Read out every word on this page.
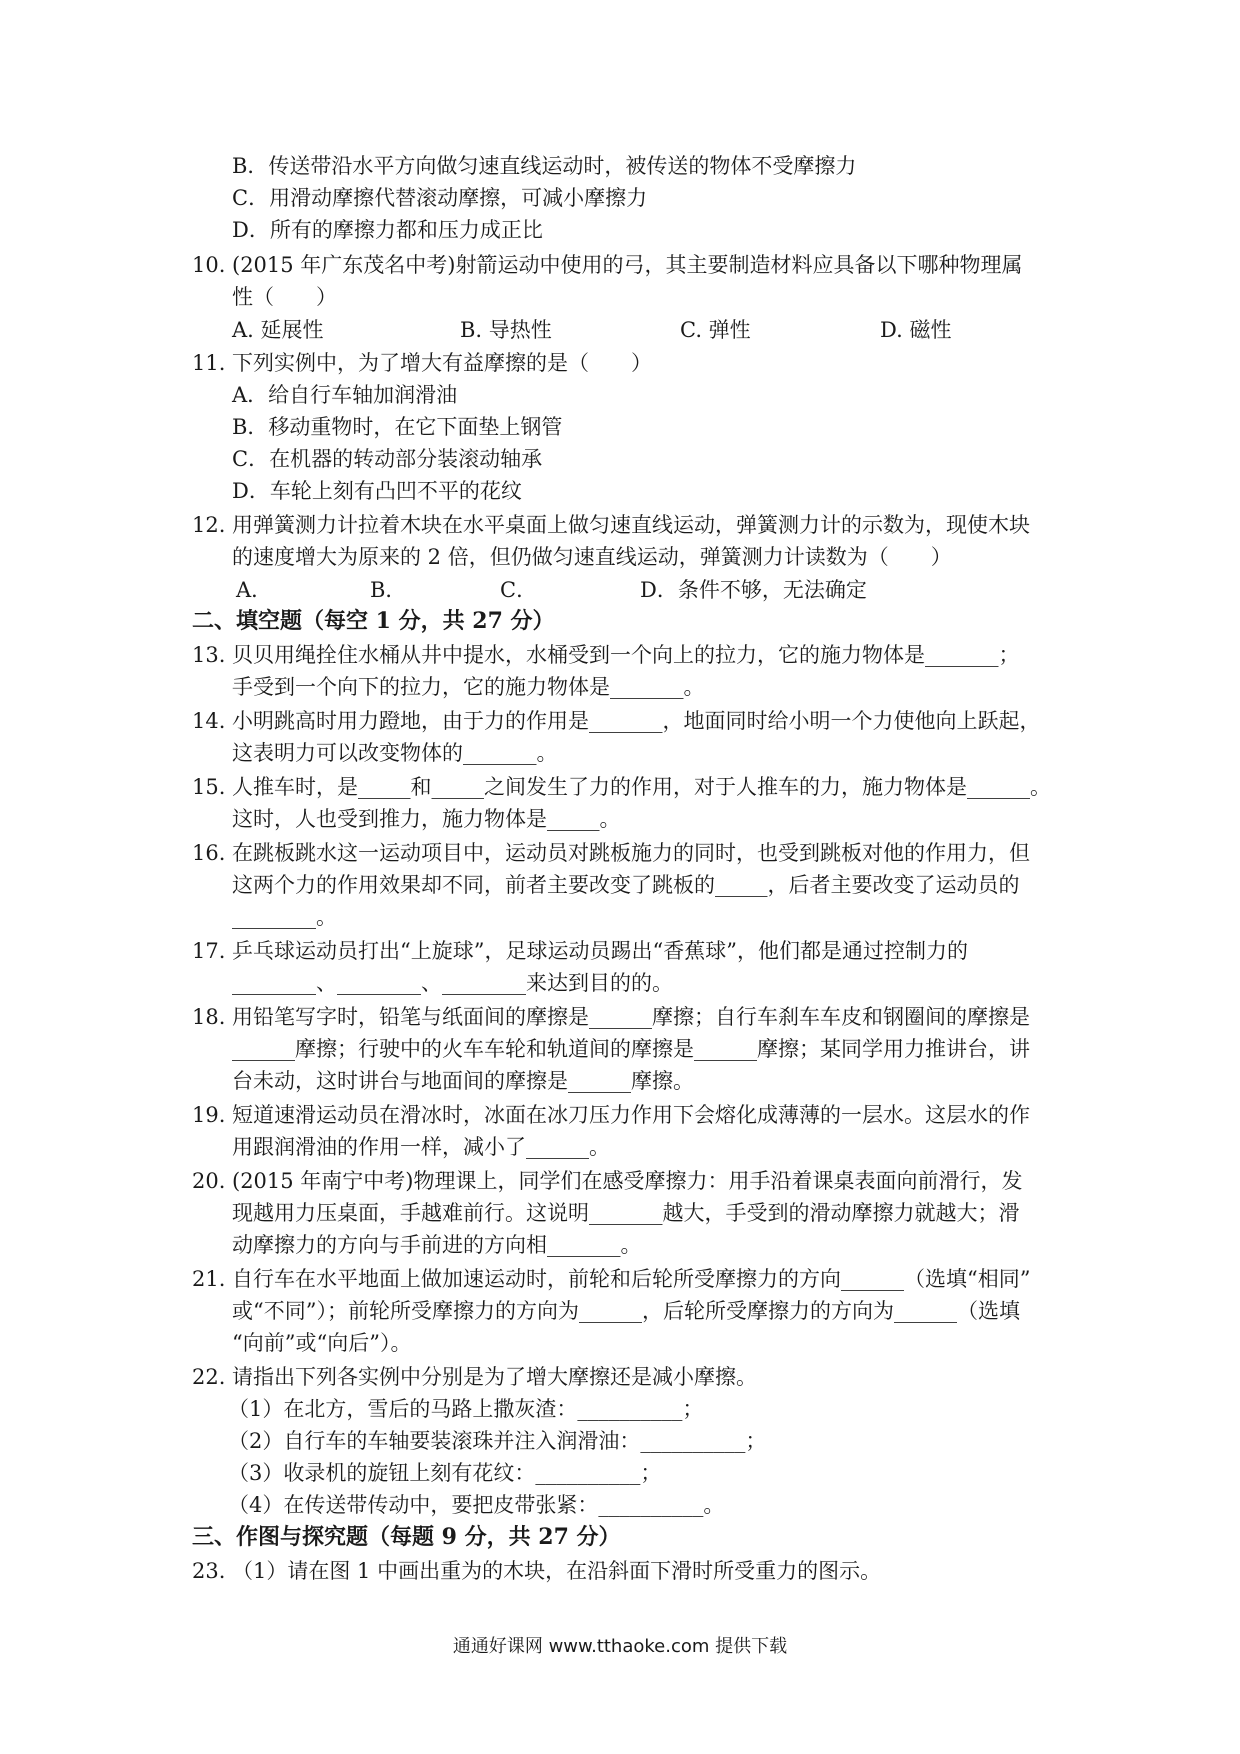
B．传送带沿水平方向做匀速直线运动时，被传送的物体不受摩擦力
C．用滑动摩擦代替滚动摩擦，可减小摩擦力
D．所有的摩擦力都和压力成正比
10. (2015 年广东茂名中考)射箭运动中使用的弓，其主要制造材料应具备以下哪种物理属
性（　　）
A. 延展性	B. 导热性	C. 弹性	D. 磁性
11. 下列实例中，为了增大有益摩擦的是（　　）
A．给自行车轴加润滑油
B．移动重物时，在它下面垫上钢管
C．在机器的转动部分装滚动轴承
D．车轮上刻有凸凹不平的花纹
12. 用弹簧测力计拉着木块在水平桌面上做匀速直线运动，弹簧测力计的示数为，现使木块
的速度增大为原来的 2 倍，但仍做匀速直线运动，弹簧测力计读数为（　　）
A．	B．	C．	D．条件不够，无法确定
二、填空题（每空 1 分，共 27 分）
13. 贝贝用绳拴住水桶从井中提水，水桶受到一个向上的拉力，它的施力物体是_______；
手受到一个向下的拉力，它的施力物体是_______。
14. 小明跳高时用力蹬地，由于力的作用是_______，地面同时给小明一个力使他向上跃起，
这表明力可以改变物体的_______。
15. 人推车时，是_____和_____之间发生了力的作用，对于人推车的力，施力物体是______。
这时，人也受到推力，施力物体是_____。
16. 在跳板跳水这一运动项目中，运动员对跳板施力的同时，也受到跳板对他的作用力，但
这两个力的作用效果却不同，前者主要改变了跳板的_____，后者主要改变了运动员的
________。
17. 乒乓球运动员打出“上旋球”，足球运动员踢出“香蕉球”，他们都是通过控制力的
________、________、________来达到目的的。
18. 用铅笔写字时，铅笔与纸面间的摩擦是______摩擦；自行车刹车车皮和钢圈间的摩擦是
______摩擦；行驶中的火车车轮和轨道间的摩擦是______摩擦；某同学用力推讲台，讲
台未动，这时讲台与地面间的摩擦是______摩擦。
19. 短道速滑运动员在滑冰时，冰面在冰刀压力作用下会熔化成薄薄的一层水。这层水的作
用跟润滑油的作用一样，减小了______。
20. (2015 年南宁中考)物理课上，同学们在感受摩擦力：用手沿着课桌表面向前滑行，发
现越用力压桌面，手越难前行。这说明_______越大，手受到的滑动摩擦力就越大；滑
动摩擦力的方向与手前进的方向相_______。
21. 自行车在水平地面上做加速运动时，前轮和后轮所受摩擦力的方向______（选填“相同”
或“不同”）；前轮所受摩擦力的方向为______，后轮所受摩擦力的方向为______（选填
“向前”或“向后”）。
22. 请指出下列各实例中分别是为了增大摩擦还是减小摩擦。
（1）在北方，雪后的马路上撒灰渣：__________；
（2）自行车的车轴要装滚珠并注入润滑油：__________；
（3）收录机的旋钮上刻有花纹：__________；
（4）在传送带传动中，要把皮带张紧：__________。
三、作图与探究题（每题 9 分，共 27 分）
23. （1）请在图 1 中画出重为的木块，在沿斜面下滑时所受重力的图示。
通通好课网 www.tthaoke.com 提供下载
